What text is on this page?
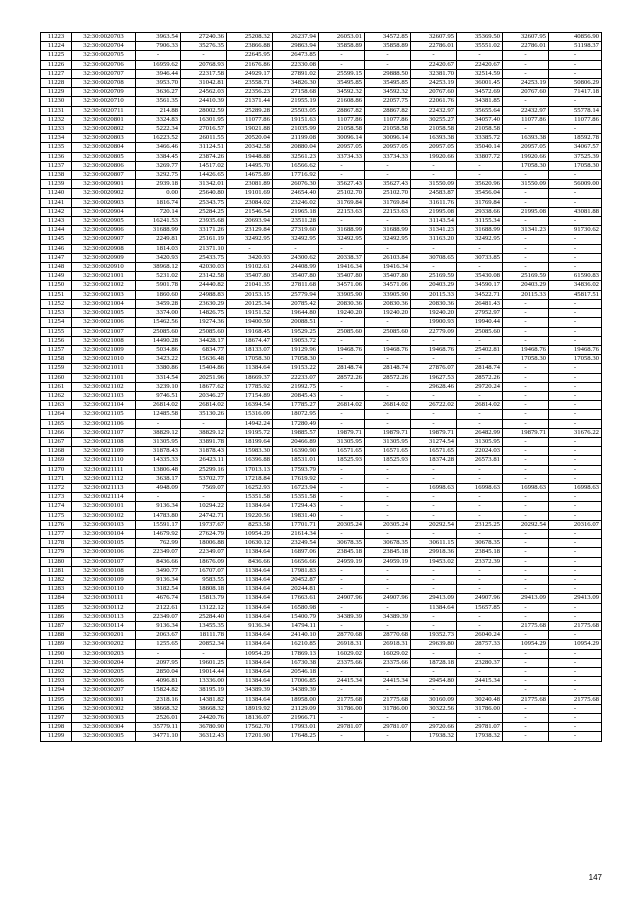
11223	32:30:0020703	3963.54	27240.36	25208.32	26237.94	26053.01	34572.85	32607.95	35369.50	32607.95	40856.90
11224	32:30:0020704	7906.33	35276.35	23866.88	29863.94	35858.89	35858.89	22786.01	35551.02	22786.01	51198.37
11225	32:30:0020705	-	-	22645.95	26473.85	-	-	-	-	-	-
11226	32:30:0020706	16959.62	20768.93	21676.86	22330.08	-	-	22420.67	22420.67	-	-
11227	32:30:0020707	3946.44	22317.58	24929.17	27891.02	25599.15	29888.50	32381.70	32514.59	-	-
11228	32:30:0020708	3953.70	31042.81	23558.71	34826.30	35495.85	35495.85	24253.19	36001.45	24253.19	50806.29
11229	32:30:0020709	3636.27	24562.03	22356.23	27158.68	34592.32	34592.32	20767.60	34572.69	20767.60	71417.18
11230	32:30:0020710	3561.35	24410.39	21371.44	21955.19	21608.86	22057.75	22061.76	34381.85	-	-
11231	32:30:0020711	214.88	28002.59	25289.28	25503.05	28867.82	28867.82	22432.97	35655.64	22432.97	55778.14
11232	32:30:0020801	3324.83	16301.95	11077.86	19151.63	11077.86	11077.86	30255.27	34057.40	11077.86	11077.86
11233	32:30:0020802	5222.34	27016.57	19021.88	21035.99	21058.58	21058.58	21058.58	21058.58	-	-
11234	32:30:0020803	16223.52	26011.55	20520.04	21199.08	30096.14	30096.14	16393.38	33385.72	16393.38	18592.78
11235	32:30:0020804	3466.46	31124.51	20342.58	20880.04	20957.05	20957.05	20957.05	35040.14	20957.05	34067.57
11236	32:30:0020805	3384.45	23874.26	19448.88	32561.23	33734.33	33734.33	19920.66	33807.72	19920.66	37525.39
11237	32:30:0020806	3269.77	14517.02	14495.70	16566.62	-	-	-	-	17058.30	17058.30
11238	32:30:0020807	3292.75	14426.65	14675.89	17716.92	-	-	-	-	-	-
11239	32:30:0020901	2939.18	31342.01	23081.89	26076.30	35627.43	35627.43	31550.09	35620.96	31550.09	56009.00
11240	32:30:0020902	0.00	25640.80	19101.69	24654.40	25102.70	25102.70	24583.87	35456.04	-	-
11241	32:30:0020903	1816.74	25343.75	23084.02	23246.02	31769.84	31769.84	31611.76	31769.84	-	-
11242	32:30:0020904	720.14	25284.25	21546.54	21965.18	22153.63	22153.63	21995.08	29338.66	21995.08	43081.88
11243	32:30:0020905	16241.53	23935.68	20693.94	23511.28	-	-	31143.54	31155.34	-	-
11244	32:30:0020906	31688.99	33171.26	23129.84	27319.60	31688.99	31688.99	31341.23	31688.99	31341.23	91730.62
11245	32:30:0020907	2249.81	25161.19	32492.95	32492.95	32492.95	32492.95	31163.20	32492.95	-	-
11246	32:30:0020908	1814.03	21371.10	-	-	-	-	-	-	-	-
11247	32:30:0020909	3420.93	25433.75	3420.93	24300.62	20338.37	26103.84	30708.65	30733.85	-	-
11248	32:30:0020910	38968.12	42030.03	19102.61	24408.99	19416.34	19416.34	-	-	-	-
11249	32:30:0021001	5231.02	23142.58	35407.80	35407.80	35407.80	35407.80	25169.59	35430.08	25169.59	61590.83
11250	32:30:0021002	5901.78	24440.82	21041.35	27811.68	34571.06	34571.06	20403.29	34590.17	20403.29	34836.02
11251	32:30:0021003	1860.60	24988.83	20153.15	25779.94	33905.90	33905.90	20115.33	34522.71	20115.33	45817.51
11252	32:30:0021004	3459.28	23630.29	20125.34	20785.42	20830.36	20830.36	20830.36	26481.43	-	-
11253	32:30:0021005	3374.00	14826.75	19151.52	19644.80	19240.20	19240.20	19240.20	27952.97	-	-
11254	32:30:0021006	15462.56	19274.36	19400.59	20088.51	-	-	19900.93	19940.44	-	-
11255	32:30:0021007	25085.60	25085.60	19168.45	19529.25	25085.60	25085.60	22779.09	25085.60	-	-
11256	32:30:0021008	14490.28	34428.17	18674.47	19053.72	-	-	-	-	-	-
11257	32:30:0021009	5034.86	6834.77	18133.07	19129.96	19468.76	19468.76	19468.76	25402.81	19468.76	19468.76
11258	32:30:0021010	3423.22	15636.48	17058.30	17058.30	-	-	-	-	17058.30	17058.30
11259	32:30:0021011	3380.86	15404.86	11384.64	19153.22	28148.74	28148.74	27876.07	28148.74	-	-
11260	32:30:0021101	3314.54	20251.96	18669.37	22233.07	28572.26	28572.26	19627.53	28572.26	-	-
11261	32:30:0021102	3239.10	18677.62	17785.92	21992.75	-	-	29628.46	29720.24	-	-
11262	32:30:0021103	9746.51	20346.27	17154.89	20845.43	-	-	-	-	-	-
11263	32:30:0021104	26814.02	26814.02	16394.54	17785.27	26814.02	26814.02	26722.02	26814.02	-	-
11264	32:30:0021105	12485.58	35130.26	15316.09	18072.95	-	-	-	-	-	-
11265	32:30:0021106	-	-	14942.24	17280.49	-	-	-	-	-	-
11266	32:30:0021107	38829.12	38829.12	19195.72	19885.57	19879.71	19879.71	19879.71	26482.99	19879.71	31676.22
11267	32:30:0021108	31305.95	33891.78	18199.64	20466.89	31305.95	31305.95	31274.54	31305.95	-	-
11268	32:30:0021109	31878.43	31878.43	15983.30	16390.90	16571.65	16571.65	16571.65	22024.03	-	-
11269	32:30:0021110	14335.33	26423.11	16396.88	18531.01	18525.93	18525.93	18374.28	26573.81	-	-
11270	32:30:0021111	13806.48	25299.16	17013.13	17593.79	-	-	-	-	-	-
11271	32:30:0021112	3638.17	53702.77	17218.84	17619.92	-	-	-	-	-	-
11272	32:30:0021113	4948.09	7569.07	16252.93	16723.94	-	-	16998.63	16998.63	16998.63	16998.63
11273	32:30:0021114	-	-	15351.58	15351.58	-	-	-	-	-	-
11274	32:30:0030101	9136.34	10294.22	11384.64	17294.43	-	-	-	-	-	-
11275	32:30:0030102	14783.80	24742.71	19220.56	19831.40	-	-	-	-	-	-
11276	32:30:0030103	15591.17	19737.67	8253.58	17701.71	20305.24	20305.24	20292.54	23125.25	20292.54	20316.07
11277	32:30:0030104	14679.92	27624.79	10954.29	21614.34	-	-	-	-	-	-
11278	32:30:0030105	762.99	18006.88	10630.12	23249.54	30678.35	30678.35	30611.15	30678.35	-	-
11279	32:30:0030106	22349.07	22349.07	11384.64	16897.06	23845.18	23845.18	29918.36	23845.18	-	-
11280	32:30:0030107	8436.66	18676.09	8436.66	16656.66	24959.19	24959.19	19453.02	23372.39	-	-
11281	32:30:0030108	3490.77	16707.07	11384.64	17981.83	-	-	-	-	-	-
11282	32:30:0030109	9136.34	9583.55	11384.64	20452.87	-	-	-	-	-	-
11283	32:30:0030110	3182.54	18808.18	11384.64	20244.81	-	-	-	-	-	-
11284	32:30:0030111	4676.74	15813.79	11384.64	17663.61	24907.96	24907.96	29413.09	24907.96	29413.09	29413.09
11285	32:30:0030112	2122.61	13122.12	11384.64	16580.98	-	-	11384.64	15657.85	-	-
11286	32:30:0030113	22349.07	25284.40	11384.64	15400.79	34389.39	34389.39	-	-	-	-
11287	32:30:0030114	9136.34	13455.35	9136.34	14794.11	-	-	-	-	21775.68	21775.68
11288	32:30:0030201	2063.67	18111.78	11384.64	24140.10	28770.68	28770.68	19352.73	26040.24	-	-
11289	32:30:0030202	1255.65	20852.34	11384.64	16210.85	26918.31	26918.31	29639.80	28757.33	10954.29	10954.29
11290	32:30:0030203	-	-	10954.29	17869.13	16029.02	16029.02	-	-	-	-
11291	32:30:0030204	2097.95	19601.25	11384.64	16730.38	23375.66	23375.66	18728.18	23280.37	-	-
11292	32:30:0030205	2850.04	19014.44	11384.64	20546.18	-	-	-	-	-	-
11293	32:30:0030206	4096.81	13336.00	11384.64	17006.85	24415.34	24415.34	29454.80	24415.34	-	-
11294	32:30:0030207	15824.82	38195.19	34389.39	34389.39	-	-	-	-	-	-
11295	32:30:0030301	2318.16	14381.82	11384.64	18958.00	21775.68	21775.68	30160.09	30240.48	21775.68	21775.68
11296	32:30:0030302	38668.32	38668.32	18919.92	21129.09	31786.00	31786.00	30322.56	31786.00	-	-
11297	32:30:0030303	2526.01	24420.76	18136.07	21966.71	-	-	-	-	-	-
11298	32:30:0030304	35779.11	36780.90	17562.70	17993.01	29781.07	29781.07	29720.66	29781.07	-	-
11299	32:30:0030305	34771.10	36312.43	17201.90	17648.25	-	-	17938.32	17938.32	-	-
147
